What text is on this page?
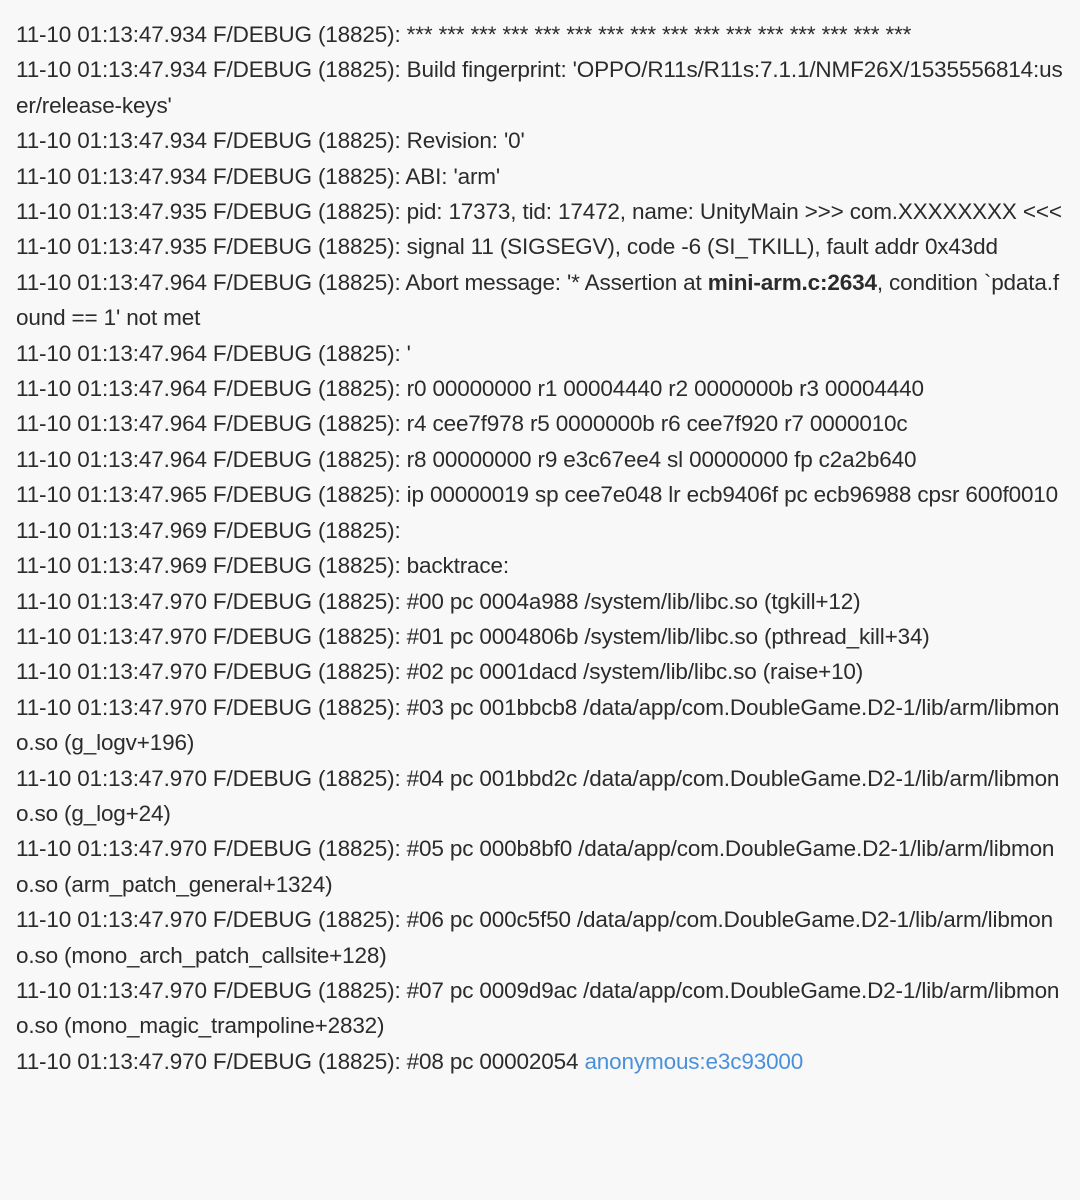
11-10 01:13:47.934 F/DEBUG (18825): *** *** *** *** *** *** *** *** *** *** *** *** *** *** *** ***
11-10 01:13:47.934 F/DEBUG (18825): Build fingerprint: 'OPPO/R11s/R11s:7.1.1/NMF26X/1535556814:user/release-keys'
11-10 01:13:47.934 F/DEBUG (18825): Revision: '0'
11-10 01:13:47.934 F/DEBUG (18825): ABI: 'arm'
11-10 01:13:47.935 F/DEBUG (18825): pid: 17373, tid: 17472, name: UnityMain >>> com.XXXXXXXX <<<
11-10 01:13:47.935 F/DEBUG (18825): signal 11 (SIGSEGV), code -6 (SI_TKILL), fault addr 0x43dd
11-10 01:13:47.964 F/DEBUG (18825): Abort message: '* Assertion at mini-arm.c:2634, condition `pdata.found == 1' not met
11-10 01:13:47.964 F/DEBUG (18825): '
11-10 01:13:47.964 F/DEBUG (18825): r0 00000000 r1 00004440 r2 0000000b r3 00004440
11-10 01:13:47.964 F/DEBUG (18825): r4 cee7f978 r5 0000000b r6 cee7f920 r7 0000010c
11-10 01:13:47.964 F/DEBUG (18825): r8 00000000 r9 e3c67ee4 sl 00000000 fp c2a2b640
11-10 01:13:47.965 F/DEBUG (18825): ip 00000019 sp cee7e048 lr ecb9406f pc ecb96988 cpsr 600f0010
11-10 01:13:47.969 F/DEBUG (18825):
11-10 01:13:47.969 F/DEBUG (18825): backtrace:
11-10 01:13:47.970 F/DEBUG (18825): #00 pc 0004a988 /system/lib/libc.so (tgkill+12)
11-10 01:13:47.970 F/DEBUG (18825): #01 pc 0004806b /system/lib/libc.so (pthread_kill+34)
11-10 01:13:47.970 F/DEBUG (18825): #02 pc 0001dacd /system/lib/libc.so (raise+10)
11-10 01:13:47.970 F/DEBUG (18825): #03 pc 001bbcb8 /data/app/com.DoubleGame.D2-1/lib/arm/libmono.so (g_logv+196)
11-10 01:13:47.970 F/DEBUG (18825): #04 pc 001bbd2c /data/app/com.DoubleGame.D2-1/lib/arm/libmono.so (g_log+24)
11-10 01:13:47.970 F/DEBUG (18825): #05 pc 000b8bf0 /data/app/com.DoubleGame.D2-1/lib/arm/libmono.so (arm_patch_general+1324)
11-10 01:13:47.970 F/DEBUG (18825): #06 pc 000c5f50 /data/app/com.DoubleGame.D2-1/lib/arm/libmono.so (mono_arch_patch_callsite+128)
11-10 01:13:47.970 F/DEBUG (18825): #07 pc 0009d9ac /data/app/com.DoubleGame.D2-1/lib/arm/libmono.so (mono_magic_trampoline+2832)
11-10 01:13:47.970 F/DEBUG (18825): #08 pc 00002054 anonymous:e3c93000
